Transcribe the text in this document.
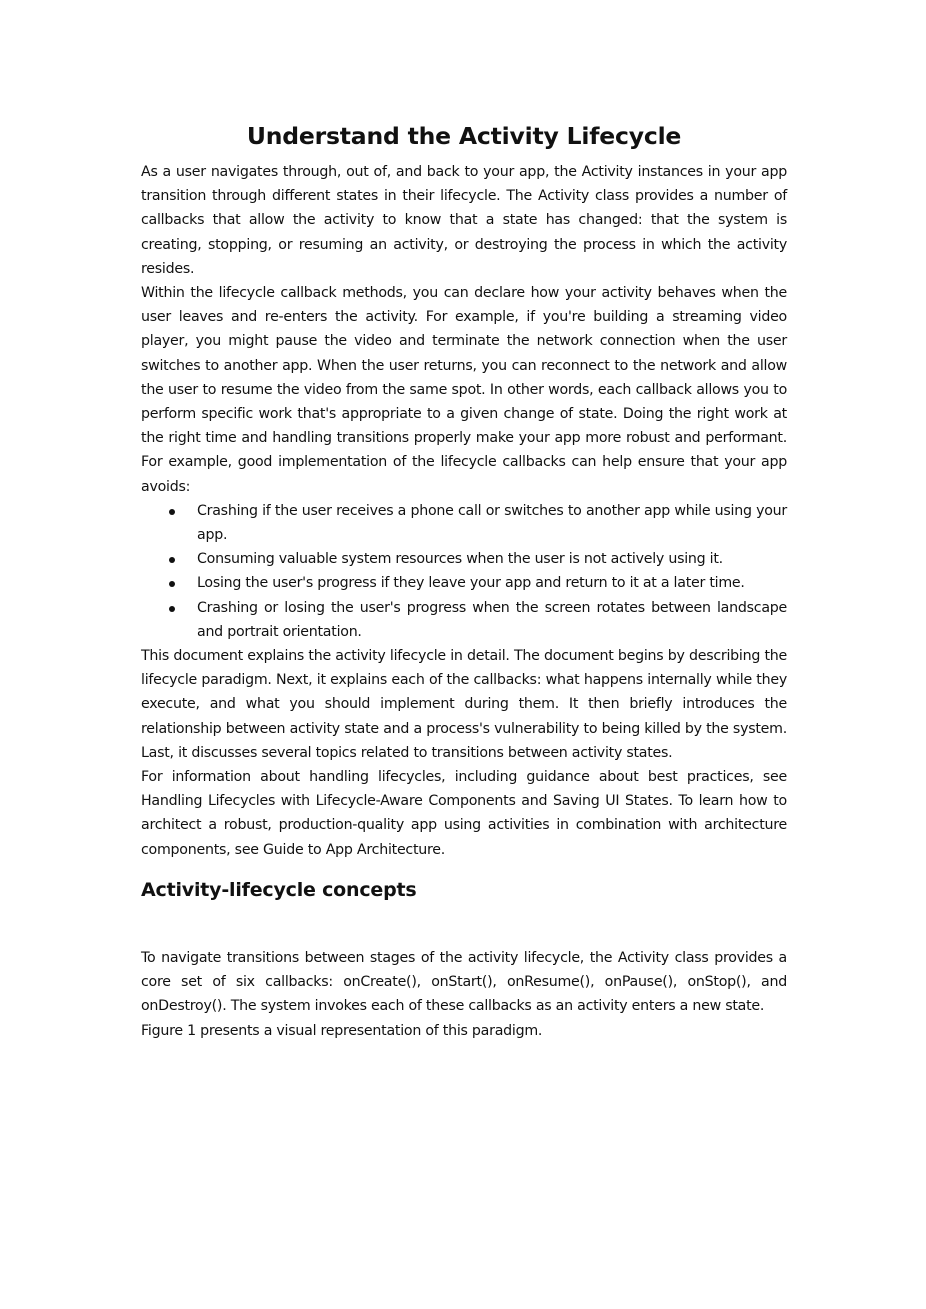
Understand the Activity Lifecycle

As a user navigates through, out of, and back to your app, the Activity instances in your app transition through different states in their lifecycle. The Activity class provides a number of callbacks that allow the activity to know that a state has changed: that the system is creating, stopping, or resuming an activity, or destroying the process in which the activity resides.

Within the lifecycle callback methods, you can declare how your activity behaves when the user leaves and re-enters the activity. For example, if you're building a streaming video player, you might pause the video and terminate the network connection when the user switches to another app. When the user returns, you can reconnect to the network and allow the user to resume the video from the same spot. In other words, each callback allows you to perform specific work that's appropriate to a given change of state. Doing the right work at the right time and handling transitions properly make your app more robust and performant. For example, good implementation of the lifecycle callbacks can help ensure that your app avoids:

Crashing if the user receives a phone call or switches to another app while using your app.
Consuming valuable system resources when the user is not actively using it.
Losing the user's progress if they leave your app and return to it at a later time.
Crashing or losing the user's progress when the screen rotates between landscape and portrait orientation.

This document explains the activity lifecycle in detail. The document begins by describing the lifecycle paradigm. Next, it explains each of the callbacks: what happens internally while they execute, and what you should implement during them. It then briefly introduces the relationship between activity state and a process's vulnerability to being killed by the system. Last, it discusses several topics related to transitions between activity states.

For information about handling lifecycles, including guidance about best practices, see Handling Lifecycles with Lifecycle-Aware Components and Saving UI States. To learn how to architect a robust, production-quality app using activities in combination with architecture components, see Guide to App Architecture.

Activity-lifecycle concepts

To navigate transitions between stages of the activity lifecycle, the Activity class provides a core set of six callbacks: onCreate(), onStart(), onResume(), onPause(), onStop(), and onDestroy(). The system invokes each of these callbacks as an activity enters a new state.

Figure 1 presents a visual representation of this paradigm.
